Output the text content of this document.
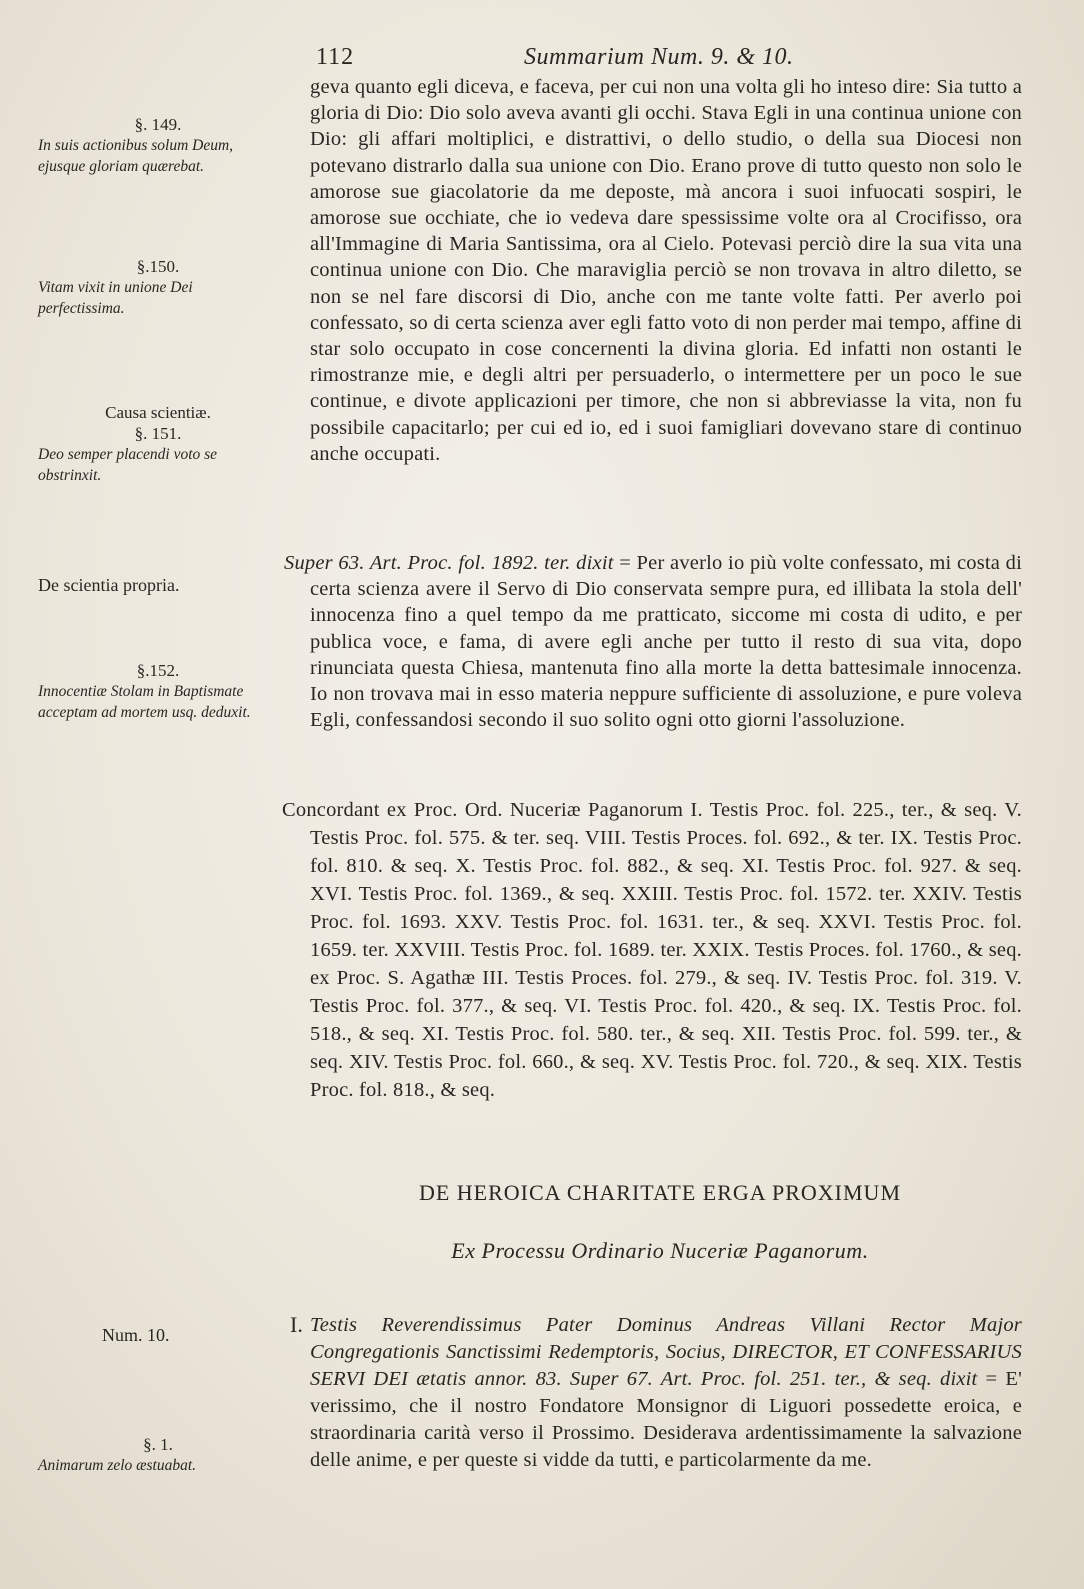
112	Summarium Num. 9. & 10.
§. 149.
In suis actionibus solum Deum, ejusque gloriam quærebat.
§.150.
Vitam vixit in unione Dei perfectissima.
Causa scientiæ.
§. 151.
Deo semper placendi voto se obstrinxit.
De scientia propria.
§.152.
Innocentiæ Stolam in Baptismate acceptam ad mortem usq. deduxit.
Num. 10.
§. 1.
Animarum zelo æstuabat.

geva quanto egli diceva, e faceva, per cui non una volta gli ho inteso dire: Sia tutto a gloria di Dio: Dio solo aveva avanti gli occhi. Stava Egli in una continua unione con Dio: gli affari moltiplici, e distrattivi, o dello studio, o della sua Diocesi non potevano distrarlo dalla sua unione con Dio. Erano prove di tutto questo non solo le amorose sue giacolatorie da me deposte, mà ancora i suoi infuocati sospiri, le amorose sue occhiate, che io vedeva dare spessissime volte ora al Crocifisso, ora all'Immagine di Maria Santissima, ora al Cielo. Potevasi perciò dire la sua vita una continua unione con Dio. Che maraviglia perciò se non trovava in altro diletto, se non se nel fare discorsi di Dio, anche con me tante volte fatti. Per averlo poi confessato, so di certa scienza aver egli fatto voto di non perder mai tempo, affine di star solo occupato in cose concernenti la divina gloria. Ed infatti non ostanti le rimostranze mie, e degli altri per persuaderlo, o intermettere per un poco le sue continue, e divote applicazioni per timore, che non si abbreviasse la vita, non fu possibile capacitarlo; per cui ed io, ed i suoi famigliari dovevano stare di continuo anche occupati.

Super 63. Art. Proc. fol. 1892. ter. dixit = Per averlo io più volte confessato, mi costa di certa scienza avere il Servo di Dio conservata sempre pura, ed illibata la stola dell' innocenza fino a quel tempo da me pratticato, siccome mi costa di udito, e per publica voce, e fama, di avere egli anche per tutto il resto di sua vita, dopo rinunciata questa Chiesa, mantenuta fino alla morte la detta battesimale innocenza. Io non trovava mai in esso materia neppure sufficiente di assoluzione, e pure voleva Egli, confessandosi secondo il suo solito ogni otto giorni l'assoluzione.

Concordant ex Proc. Ord. Nuceriæ Paganorum I. Testis Proc. fol. 225., ter., & seq. V. Testis Proc. fol. 575. & ter. seq. VIII. Testis Proces. fol. 692., & ter. IX. Testis Proc. fol. 810. & seq. X. Testis Proc. fol. 882., & seq. XI. Testis Proc. fol. 927. & seq. XVI. Testis Proc. fol. 1369., & seq. XXIII. Testis Proc. fol. 1572. ter. XXIV. Testis Proc. fol. 1693. XXV. Testis Proc. fol. 1631. ter., & seq. XXVI. Testis Proc. fol. 1659. ter. XXVIII. Testis Proc. fol. 1689. ter. XXIX. Testis Proces. fol. 1760., & seq. ex Proc. S. Agathæ III. Testis Proces. fol. 279., & seq. IV. Testis Proc. fol. 319. V. Testis Proc. fol. 377., & seq. VI. Testis Proc. fol. 420., & seq. IX. Testis Proc. fol. 518., & seq. XI. Testis Proc. fol. 580. ter., & seq. XII. Testis Proc. fol. 599. ter., & seq. XIV. Testis Proc. fol. 660., & seq. XV. Testis Proc. fol. 720., & seq. XIX. Testis Proc. fol. 818., & seq.

DE HEROICA CHARITATE ERGA PROXIMUM
Ex Processu Ordinario Nuceriæ Paganorum.
I. Testis Reverendissimus Pater Dominus Andreas Villani Rector Major Congregationis Sanctissimi Redemptoris, Socius, DIRECTOR, ET CONFESSARIUS SERVI DEI ætatis annor. 83. Super 67. Art. Proc. fol. 251. ter., & seq. dixit = E' verissimo, che il nostro Fondatore Monsignor di Liguori possedette eroica, e straordinaria carità verso il Prossimo. Desiderava ardentissimamente la salvazione delle anime, e per queste si vidde da tutti, e particolarmente da me.
